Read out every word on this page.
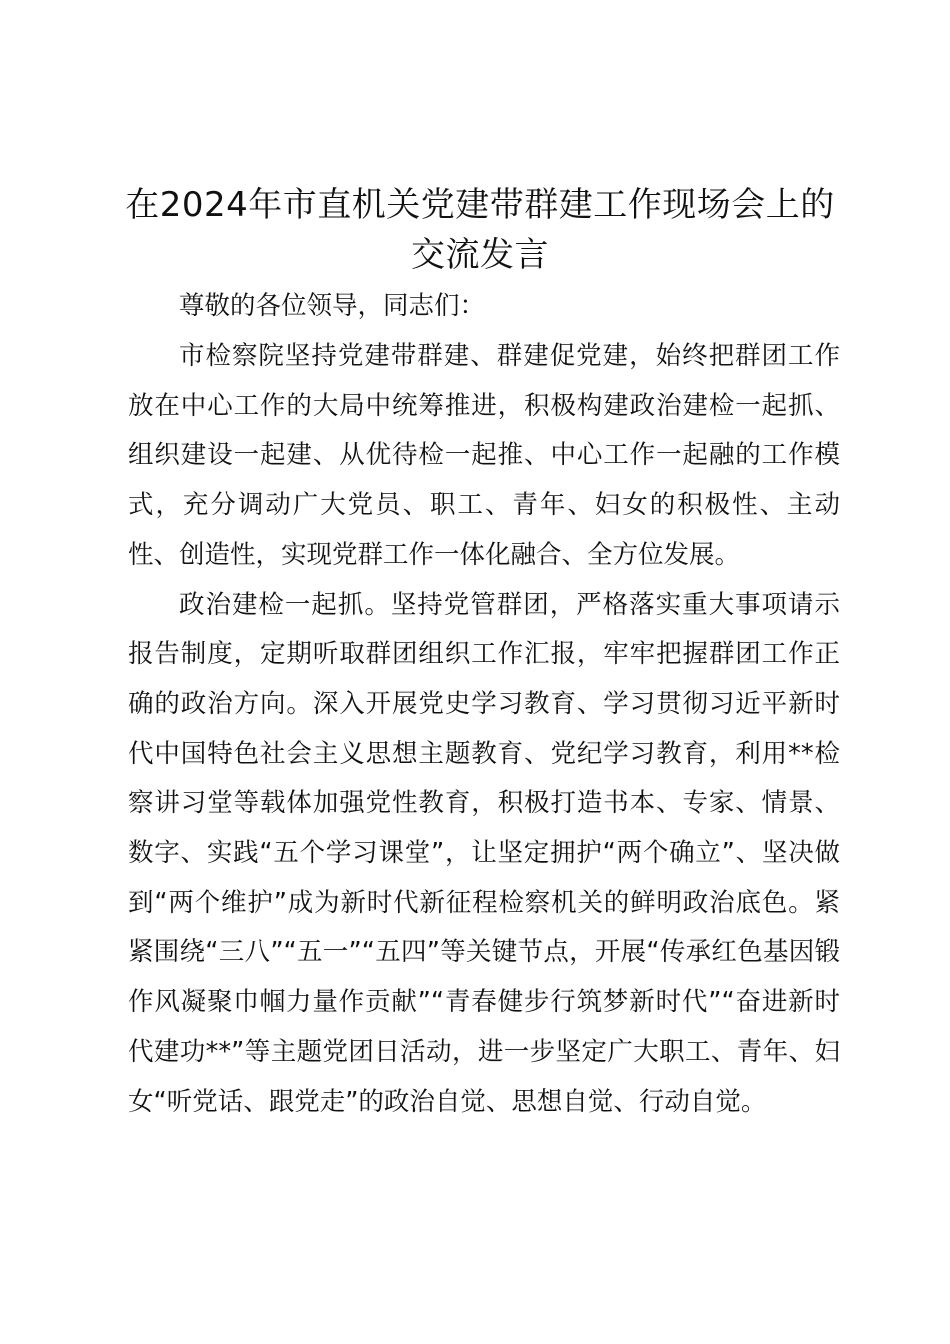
在2024年市直机关党建带群建工作现场会上的交流发言

尊敬的各位领导，同志们：

市检察院坚持党建带群建、群建促党建，始终把群团工作放在中心工作的大局中统筹推进，积极构建政治建检一起抓、组织建设一起建、从优待检一起推、中心工作一起融的工作模式，充分调动广大党员、职工、青年、妇女的积极性、主动性、创造性，实现党群工作一体化融合、全方位发展。

政治建检一起抓。坚持党管群团，严格落实重大事项请示报告制度，定期听取群团组织工作汇报，牢牢把握群团工作正确的政治方向。深入开展党史学习教育、学习贯彻习近平新时代中国特色社会主义思想主题教育、党纪学习教育，利用**检察讲习堂等载体加强党性教育，积极打造书本、专家、情景、数字、实践“五个学习课堂”，让坚定拥护“两个确立”、坚决做到“两个维护”成为新时代新征程检察机关的鲜明政治底色。紧紧围绕“三八”“五一”“五四”等关键节点，开展“传承红色基因锻作风凝聚巾帼力量作贡献”“青春健步行筑梦新时代”“奋进新时代建功**”等主题党团日活动，进一步坚定广大职工、青年、妇女“听党话、跟党走”的政治自觉、思想自觉、行动自觉。
